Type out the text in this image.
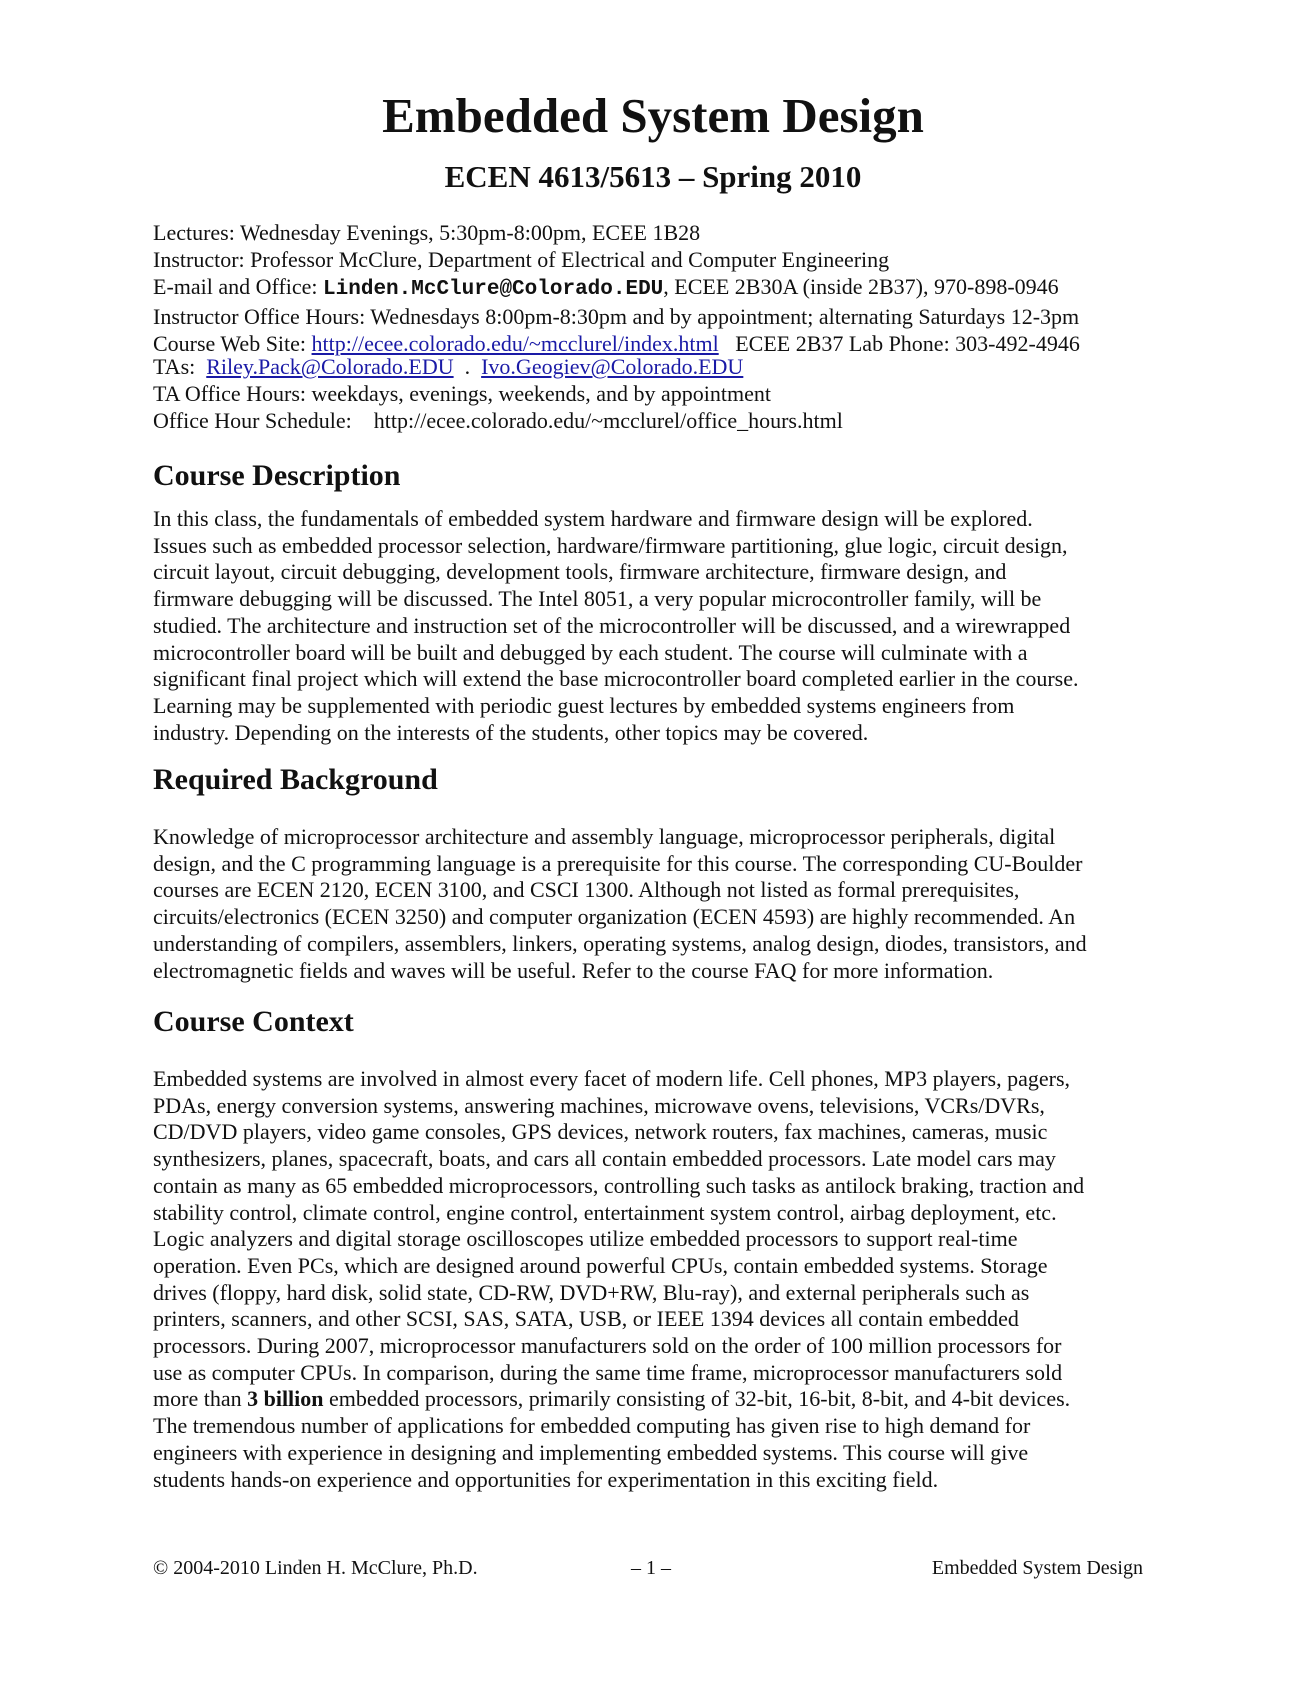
Embedded System Design
ECEN 4613/5613 – Spring 2010
Lectures: Wednesday Evenings, 5:30pm-8:00pm, ECEE 1B28
Instructor: Professor McClure, Department of Electrical and Computer Engineering
E-mail and Office: Linden.McClure@Colorado.EDU, ECEE 2B30A (inside 2B37), 970-898-0946
Instructor Office Hours: Wednesdays 8:00pm-8:30pm and by appointment; alternating Saturdays 12-3pm
Course Web Site: http://ecee.colorado.edu/~mcclurel/index.html   ECEE 2B37 Lab Phone: 303-492-4946
TAs:  Riley.Pack@Colorado.EDU  .  Ivo.Geogiev@Colorado.EDU
TA Office Hours: weekdays, evenings, weekends, and by appointment
Office Hour Schedule:    http://ecee.colorado.edu/~mcclurel/office_hours.html
Course Description
In this class, the fundamentals of embedded system hardware and firmware design will be explored.
Issues such as embedded processor selection, hardware/firmware partitioning, glue logic, circuit design,
circuit layout, circuit debugging, development tools, firmware architecture, firmware design, and
firmware debugging will be discussed. The Intel 8051, a very popular microcontroller family, will be
studied. The architecture and instruction set of the microcontroller will be discussed, and a wirewrapped
microcontroller board will be built and debugged by each student. The course will culminate with a
significant final project which will extend the base microcontroller board completed earlier in the course.
Learning may be supplemented with periodic guest lectures by embedded systems engineers from
industry. Depending on the interests of the students, other topics may be covered.
Required Background
Knowledge of microprocessor architecture and assembly language, microprocessor peripherals, digital
design, and the C programming language is a prerequisite for this course. The corresponding CU-Boulder
courses are ECEN 2120, ECEN 3100, and CSCI 1300. Although not listed as formal prerequisites,
circuits/electronics (ECEN 3250) and computer organization (ECEN 4593) are highly recommended. An
understanding of compilers, assemblers, linkers, operating systems, analog design, diodes, transistors, and
electromagnetic fields and waves will be useful. Refer to the course FAQ for more information.
Course Context
Embedded systems are involved in almost every facet of modern life. Cell phones, MP3 players, pagers,
PDAs, energy conversion systems, answering machines, microwave ovens, televisions, VCRs/DVRs,
CD/DVD players, video game consoles, GPS devices, network routers, fax machines, cameras, music
synthesizers, planes, spacecraft, boats, and cars all contain embedded processors. Late model cars may
contain as many as 65 embedded microprocessors, controlling such tasks as antilock braking, traction and
stability control, climate control, engine control, entertainment system control, airbag deployment, etc.
Logic analyzers and digital storage oscilloscopes utilize embedded processors to support real-time
operation. Even PCs, which are designed around powerful CPUs, contain embedded systems. Storage
drives (floppy, hard disk, solid state, CD-RW, DVD+RW, Blu-ray), and external peripherals such as
printers, scanners, and other SCSI, SAS, SATA, USB, or IEEE 1394 devices all contain embedded
processors. During 2007, microprocessor manufacturers sold on the order of 100 million processors for
use as computer CPUs. In comparison, during the same time frame, microprocessor manufacturers sold
more than 3 billion embedded processors, primarily consisting of 32-bit, 16-bit, 8-bit, and 4-bit devices.
The tremendous number of applications for embedded computing has given rise to high demand for
engineers with experience in designing and implementing embedded systems. This course will give
students hands-on experience and opportunities for experimentation in this exciting field.
© 2004-2010 Linden H. McClure, Ph.D.	– 1 –	Embedded System Design
